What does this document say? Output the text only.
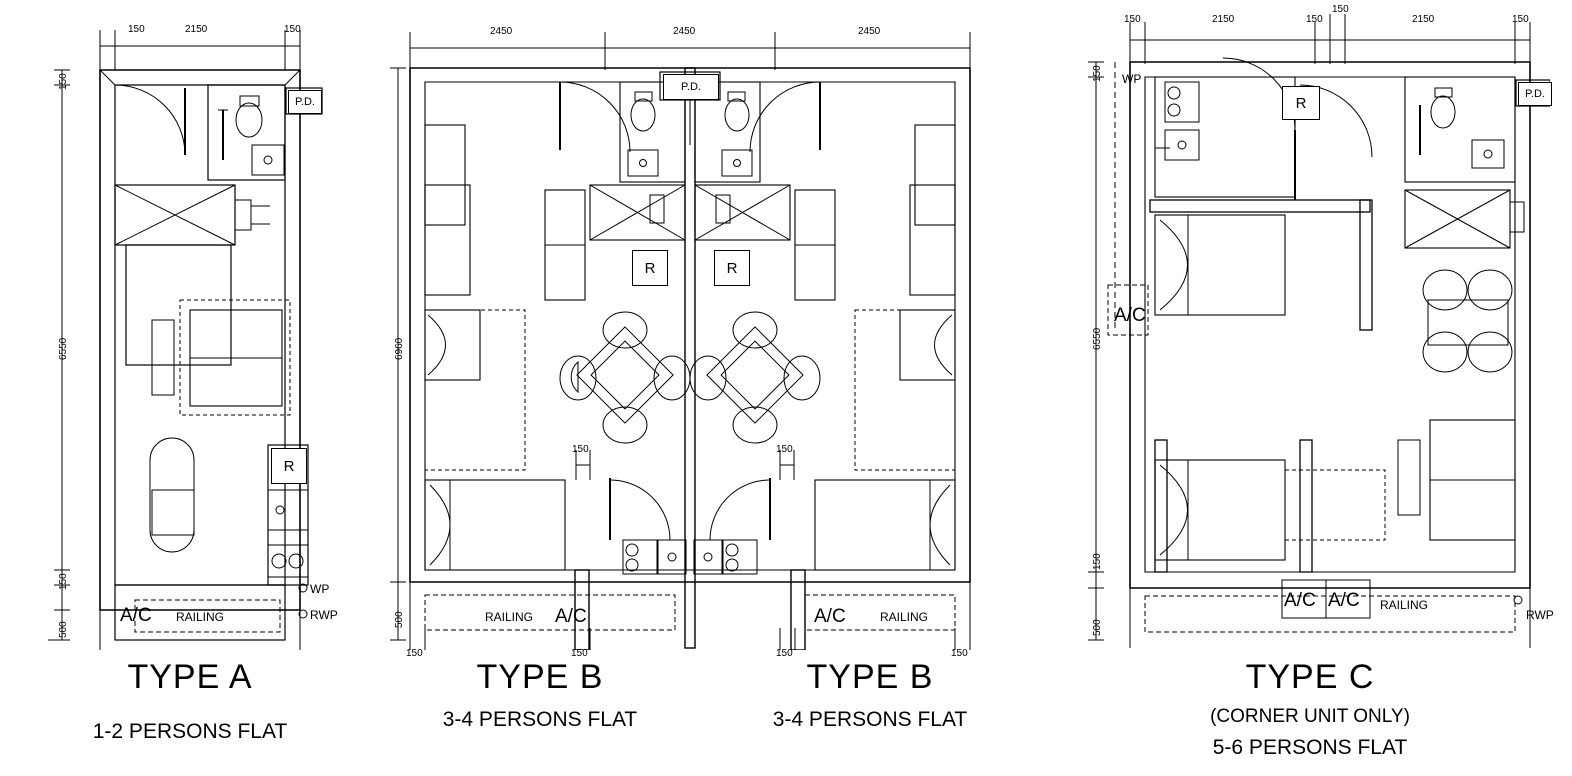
150	2150	150
150
6550
150
500
P.D.
R
A/C RAILING
WP
RWP
TYPE A
1-2 PERSONS FLAT
2450	2450	2450
6960
500
150	150	150	150
150	150
P.D.
R	R
A/C
RAILING	A/C	RAILING
TYPE B
3-4 PERSONS FLAT
TYPE B
3-4 PERSONS FLAT
150	2150	150
150
2150	150
150
6550
150
500
P.D.
R
A/C
A/C A/C RAILING
WP
RWP
TYPE C
(CORNER UNIT ONLY)
5-6 PERSONS FLAT
